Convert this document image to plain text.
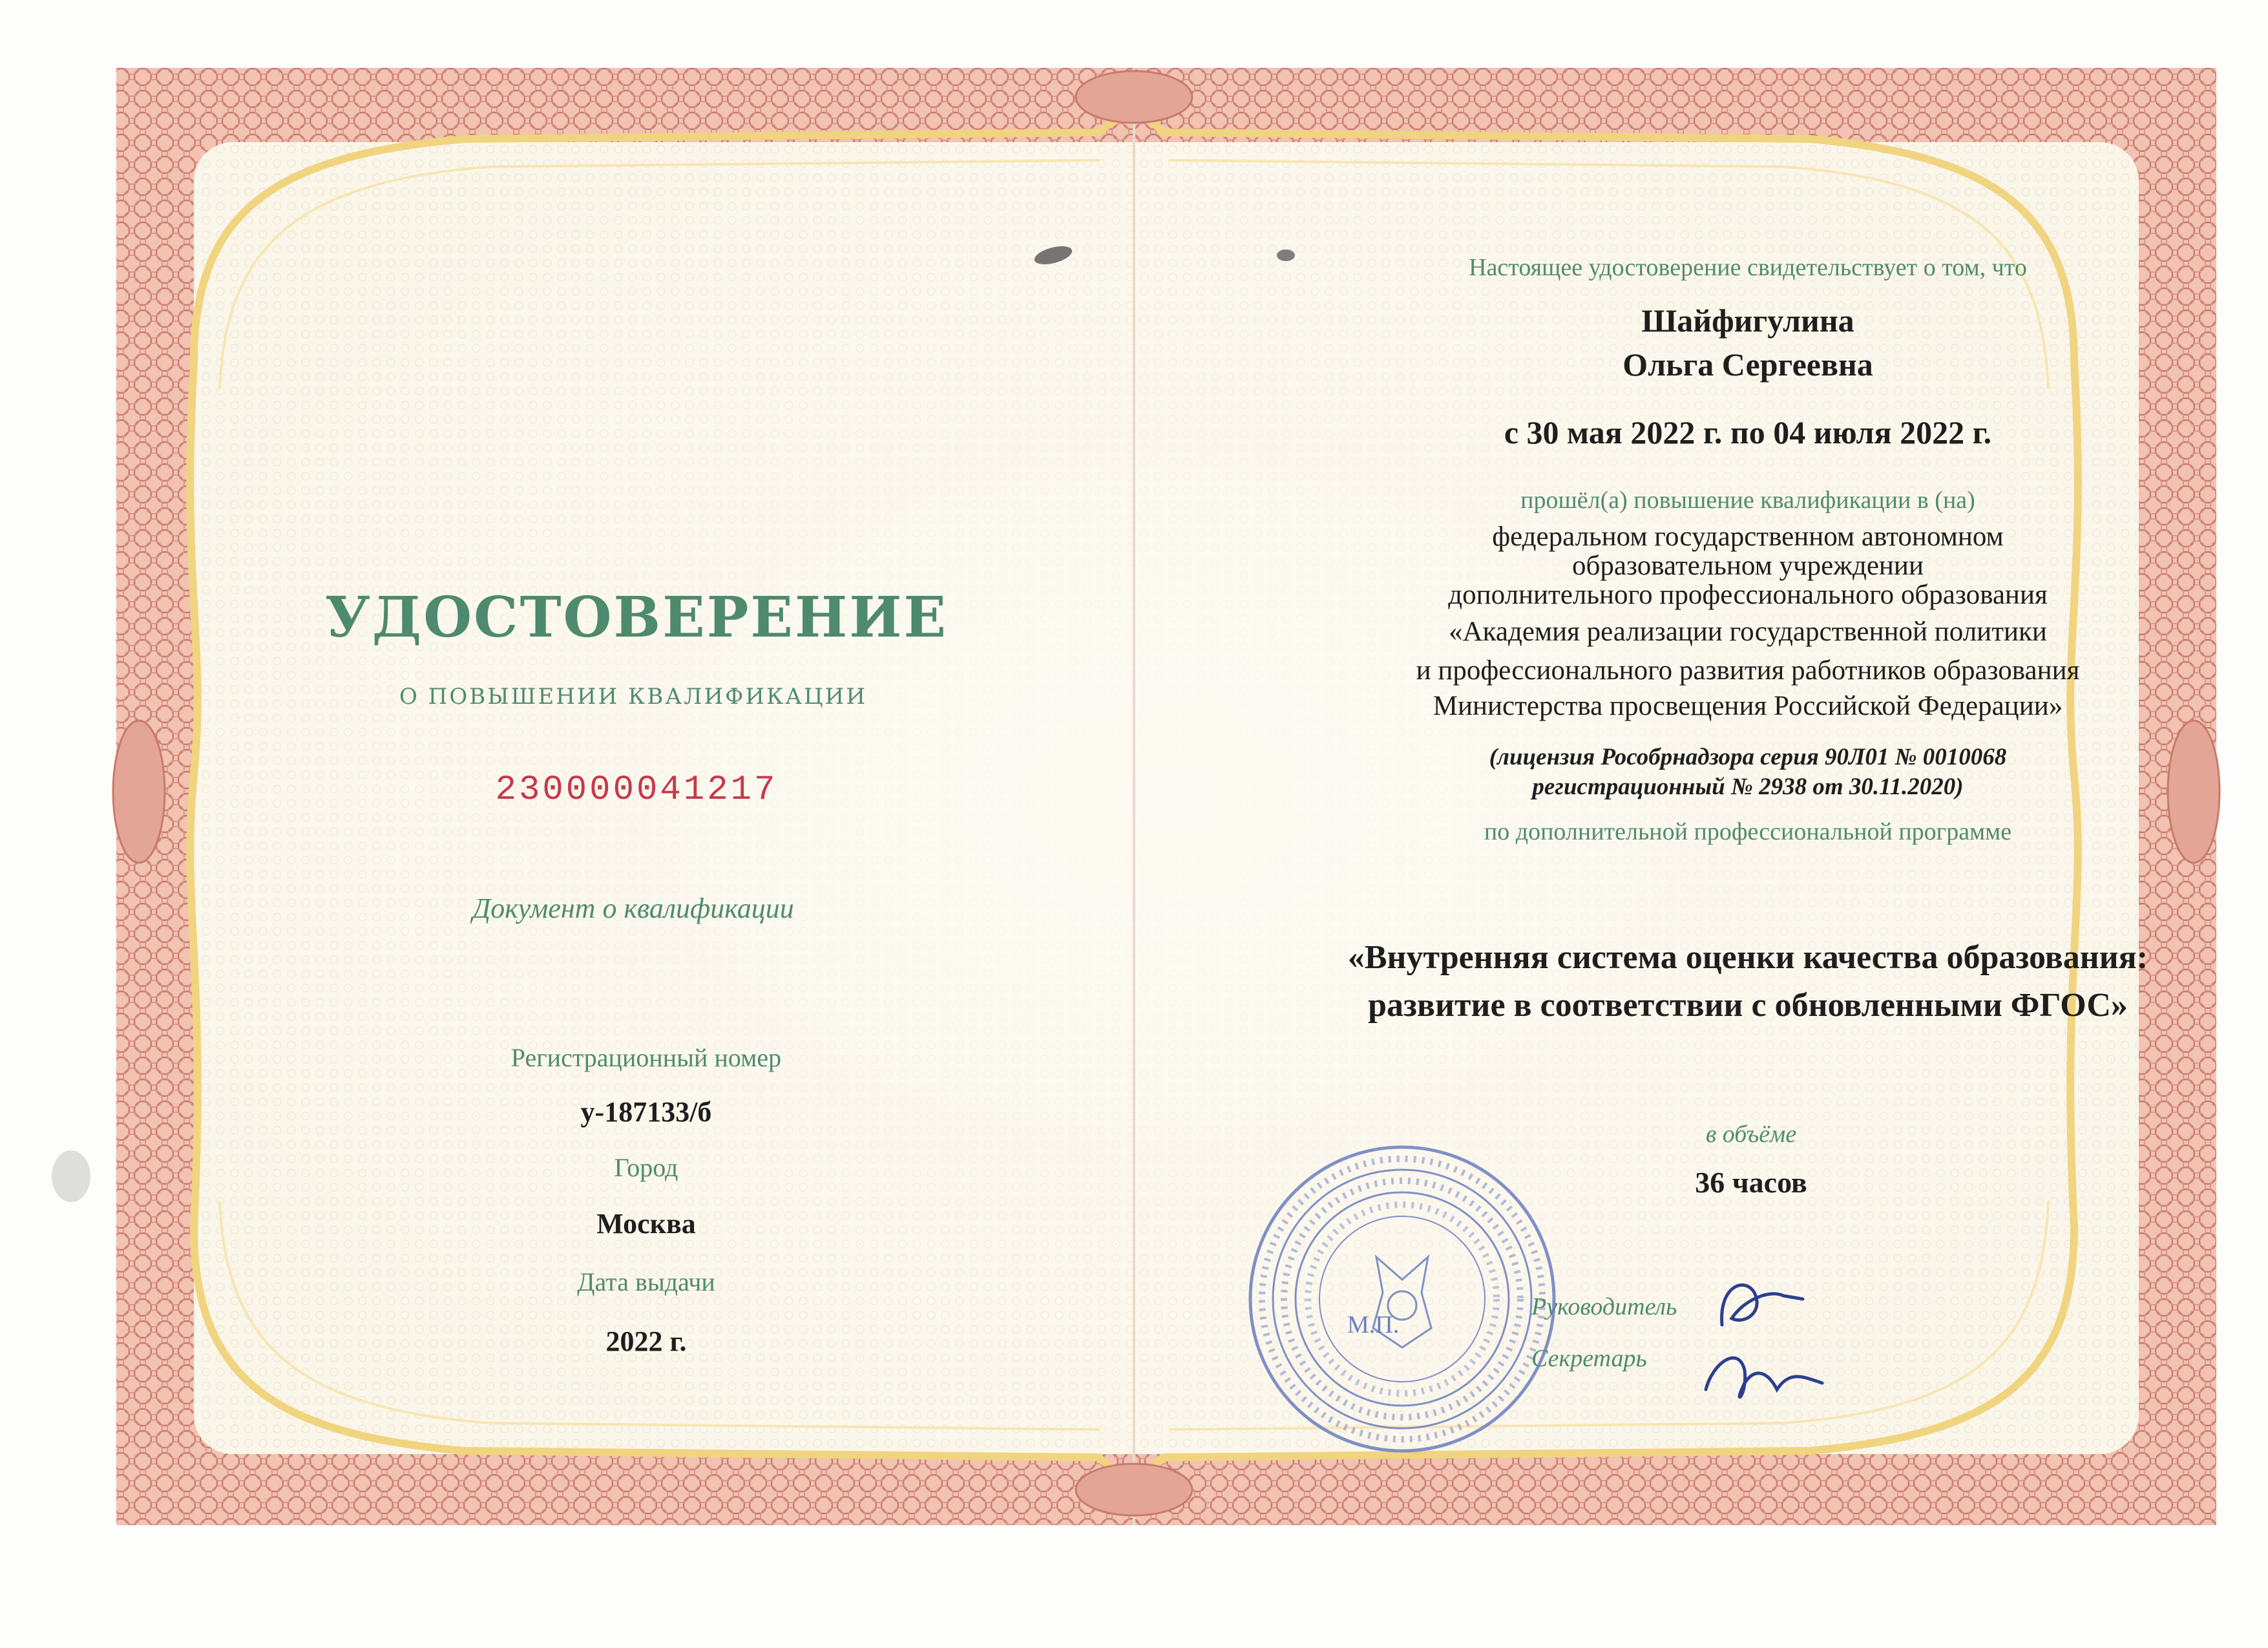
УДОСТОВЕРЕНИЕ
О ПОВЫШЕНИИ КВАЛИФИКАЦИИ
230000041217
Документ о квалификации
Регистрационный номер
у-187133/б
Город
Москва
Дата выдачи
2022 г.
Настоящее удостоверение свидетельствует о том, что
Шайфигулина
Ольга Сергеевна
с 30 мая 2022 г. по 04 июля 2022 г.
прошёл(а) повышение квалификации в (на)
федеральном государственном автономном
образовательном учреждении
дополнительного профессионального образования
«Академия реализации государственной политики
и профессионального развития работников образования
Министерства просвещения Российской Федерации»
(лицензия Рособрнадзора серия 90Л01 № 0010068
регистрационный № 2938 от 30.11.2020)
по дополнительной профессиональной программе
«Внутренняя система оценки качества образования:
развитие в соответствии с обновленными ФГОС»
в объёме
36 часов
М.П.
Руководитель
Секретарь
